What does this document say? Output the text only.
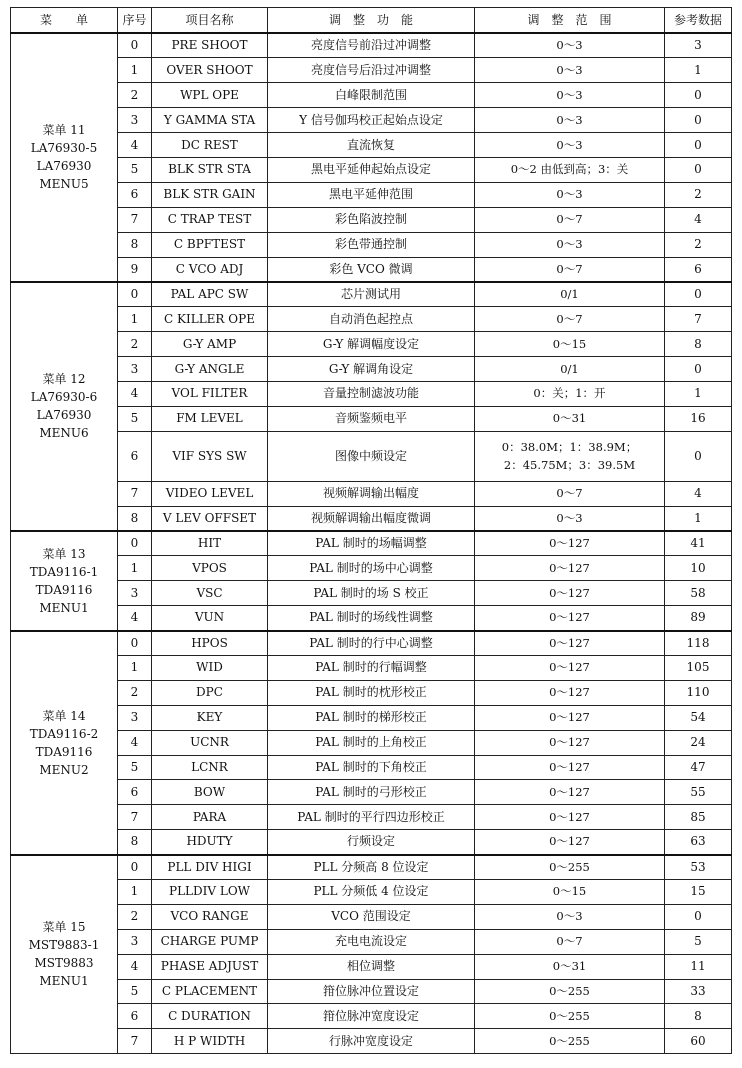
菜　　单	序号	项目名称	调　整　功　能	调　整　范　围	参考数据
菜单 11
LA76930-5
LA76930 MENU5	0	PRE SHOOT	亮度信号前沿过冲调整	0～3	3
	1	OVER SHOOT	亮度信号后沿过冲调整	0～3	1
	2	WPL OPE	白峰限制范围	0～3	0
	3	Y GAMMA STA	Y 信号伽玛校正起始点设定	0～3	0
	4	DC REST	直流恢复	0～3	0
	5	BLK STR STA	黑电平延伸起始点设定	0～2 由低到高；3：关	0
	6	BLK STR GAIN	黑电平延伸范围	0～3	2
	7	C TRAP TEST	彩色陷波控制	0～7	4
	8	C BPFTEST	彩色带通控制	0～3	2
	9	C VCO ADJ	彩色 VCO 微调	0～7	6
菜单 12
LA76930-6
LA76930 MENU6	0	PAL APC SW	芯片测试用	0/1	0
	1	C KILLER OPE	自动消色起控点	0～7	7
	2	G-Y AMP	G-Y 解调幅度设定	0～15	8
	3	G-Y ANGLE	G-Y 解调角设定	0/1	0
	4	VOL FILTER	音量控制滤波功能	0：关；1：开	1
	5	FM LEVEL	音频鉴频电平	0～31	16
	6	VIF SYS SW	图像中频设定	0：38.0M；1：38.9M；
2：45.75M；3：39.5M	0
	7	VIDEO LEVEL	视频解调输出幅度	0～7	4
	8	V LEV OFFSET	视频解调输出幅度微调	0～3	1
菜单 13
TDA9116-1
TDA9116 MENU1	0	HIT	PAL 制时的场幅调整	0～127	41
	1	VPOS	PAL 制时的场中心调整	0～127	10
	3	VSC	PAL 制时的场 S 校正	0～127	58
	4	VUN	PAL 制时的场线性调整	0～127	89
菜单 14
TDA9116-2
TDA9116 MENU2	0	HPOS	PAL 制时的行中心调整	0～127	118
	1	WID	PAL 制时的行幅调整	0～127	105
	2	DPC	PAL 制时的枕形校正	0～127	110
	3	KEY	PAL 制时的梯形校正	0～127	54
	4	UCNR	PAL 制时的上角校正	0～127	24
	5	LCNR	PAL 制时的下角校正	0～127	47
	6	BOW	PAL 制时的弓形校正	0～127	55
	7	PARA	PAL 制时的平行四边形校正	0～127	85
	8	HDUTY	行频设定	0～127	63
菜单 15
MST9883-1
MST9883 MENU1	0	PLL DIV HIGI	PLL 分频高 8 位设定	0～255	53
	1	PLLDIV LOW	PLL 分频低 4 位设定	0～15	15
	2	VCO RANGE	VCO 范围设定	0～3	0
	3	CHARGE PUMP	充电电流设定	0～7	5
	4	PHASE ADJUST	相位调整	0～31	11
	5	C PLACEMENT	箝位脉冲位置设定	0～255	33
	6	C DURATION	箝位脉冲宽度设定	0～255	8
	7	H P WIDTH	行脉冲宽度设定	0～255	60
